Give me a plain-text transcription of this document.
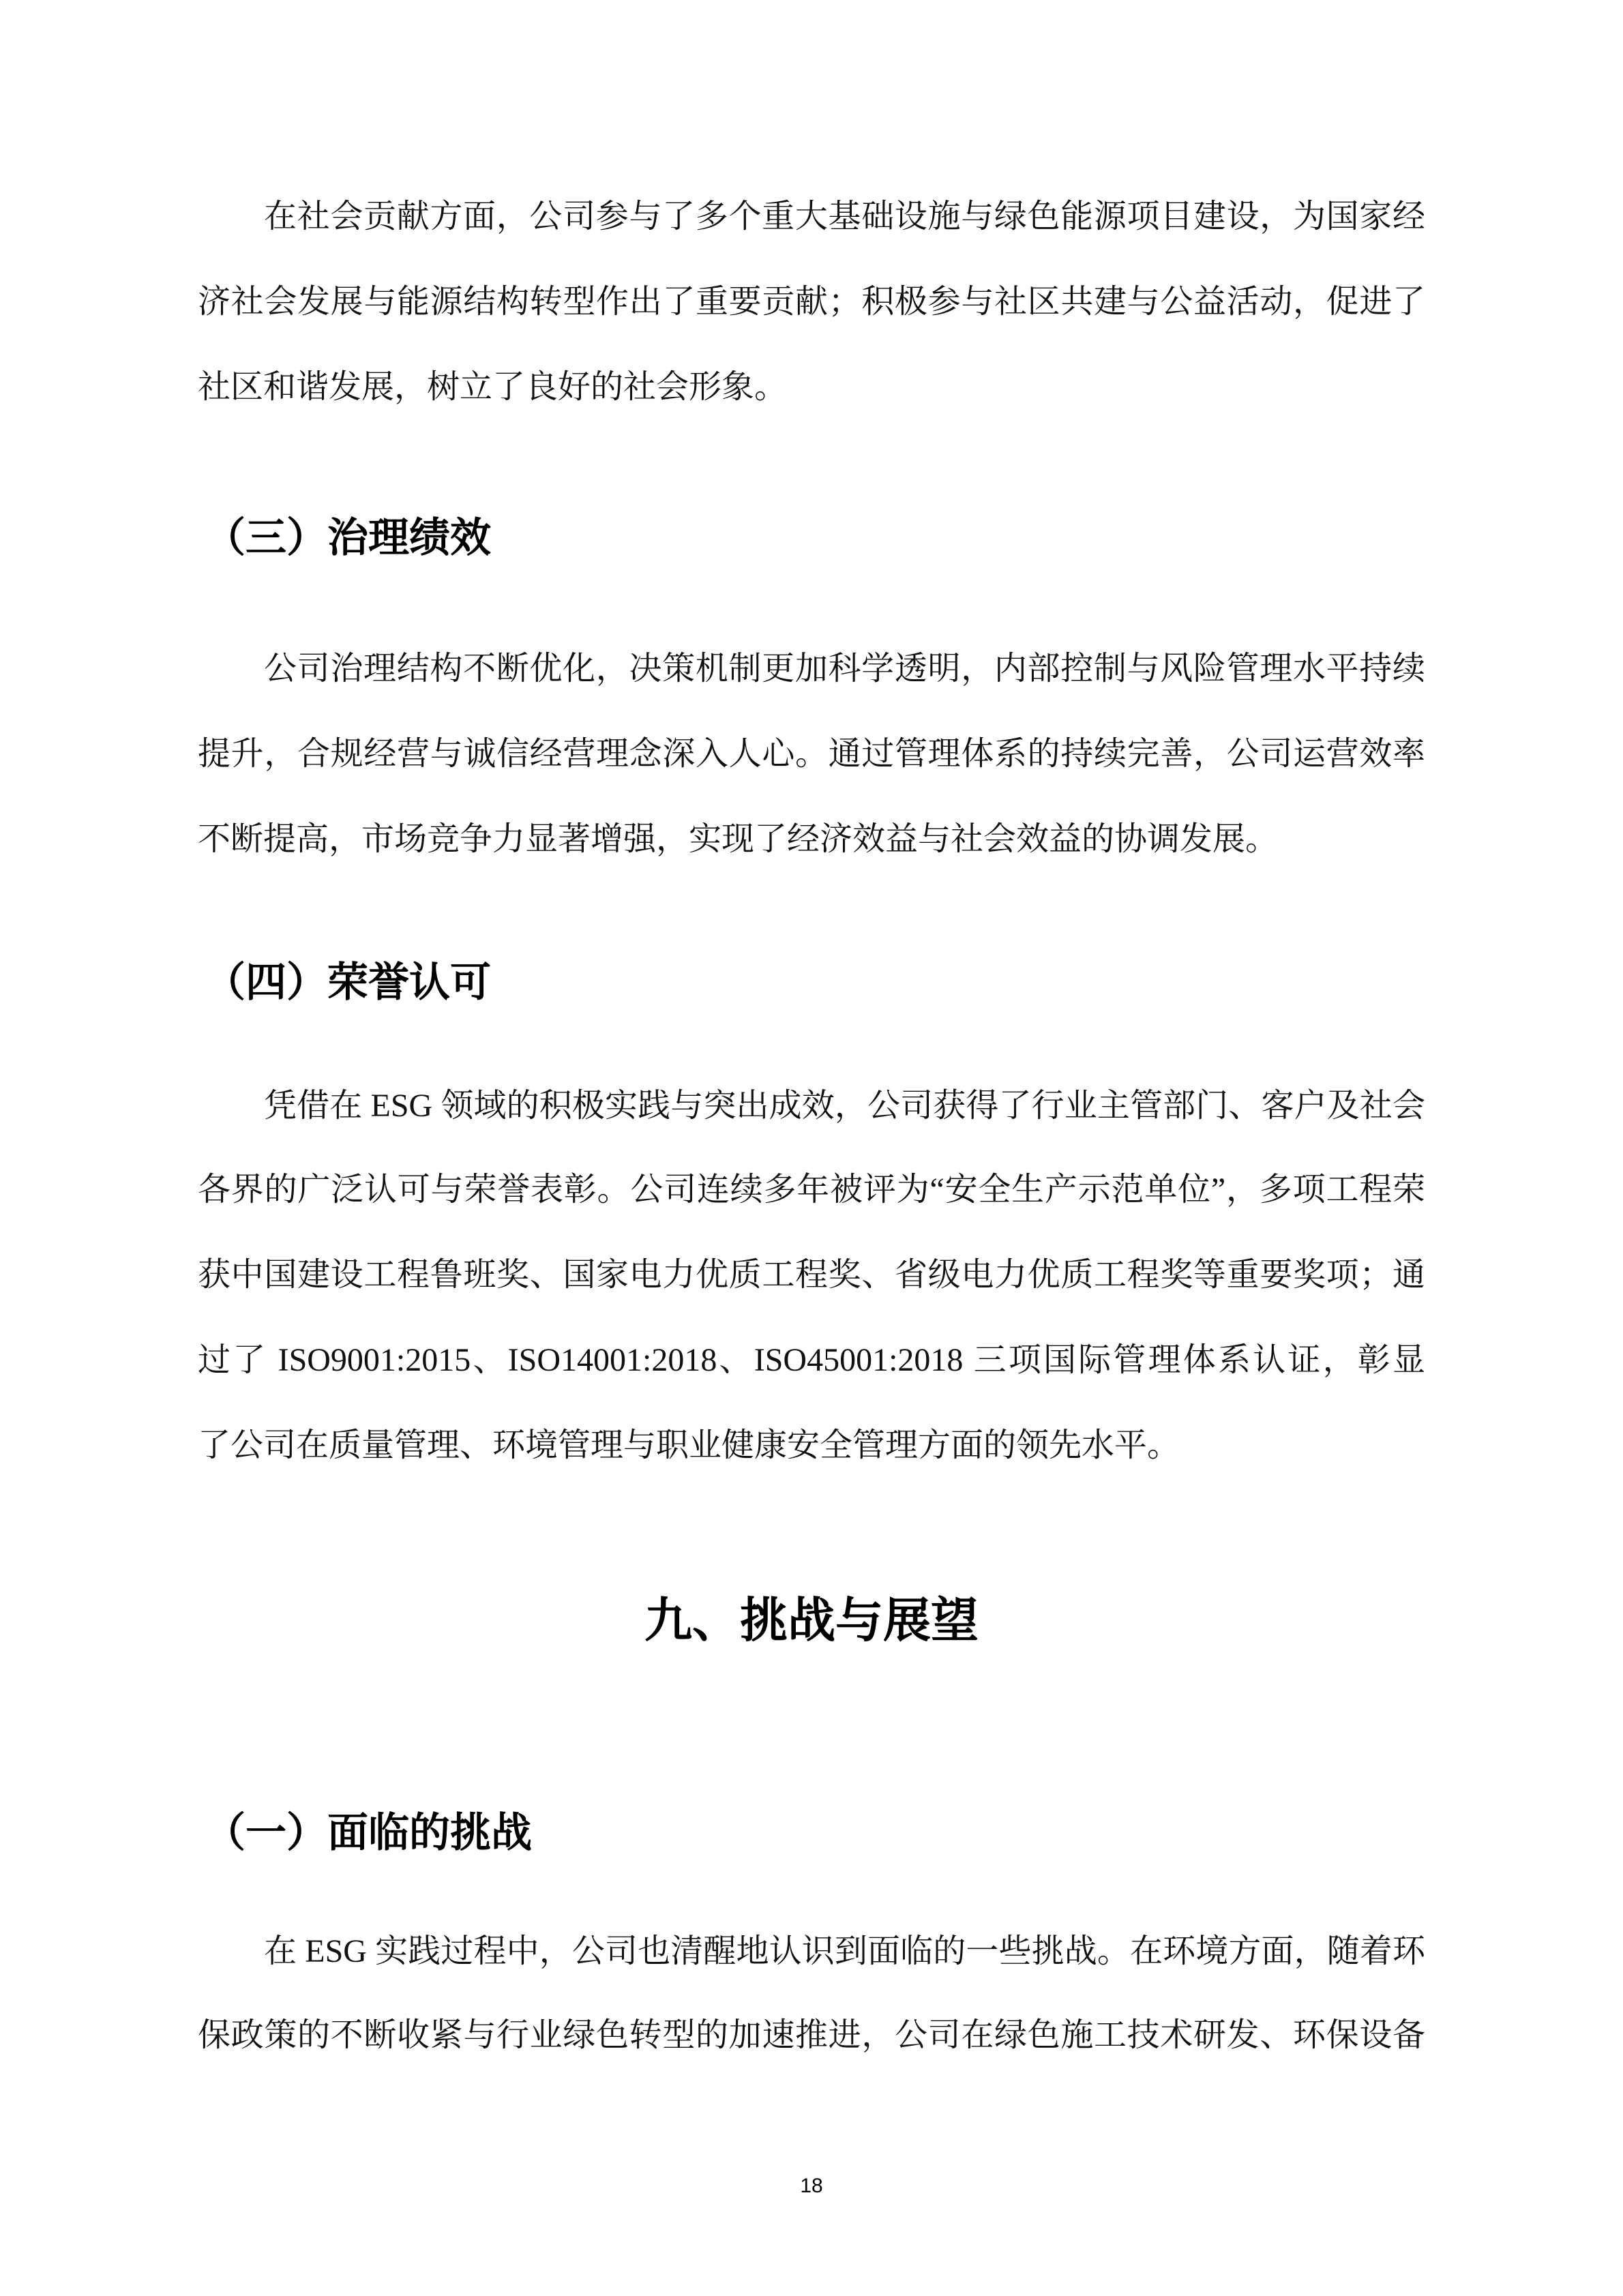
在社会贡献方面，公司参与了多个重大基础设施与绿色能源项目建设，为国家经
济社会发展与能源结构转型作出了重要贡献；积极参与社区共建与公益活动，促进了
社区和谐发展，树立了良好的社会形象。
（三）治理绩效
公司治理结构不断优化，决策机制更加科学透明，内部控制与风险管理水平持续
提升，合规经营与诚信经营理念深入人心。通过管理体系的持续完善，公司运营效率
不断提高，市场竞争力显著增强，实现了经济效益与社会效益的协调发展。
（四）荣誉认可
凭借在 ESG 领域的积极实践与突出成效，公司获得了行业主管部门、客户及社会
各界的广泛认可与荣誉表彰。公司连续多年被评为“安全生产示范单位”，多项工程荣
获中国建设工程鲁班奖、国家电力优质工程奖、省级电力优质工程奖等重要奖项；通
过了 ISO9001:2015、ISO14001:2018、ISO45001:2018 三项国际管理体系认证，彰显
了公司在质量管理、环境管理与职业健康安全管理方面的领先水平。
九、挑战与展望
（一）面临的挑战
在 ESG 实践过程中，公司也清醒地认识到面临的一些挑战。在环境方面，随着环
保政策的不断收紧与行业绿色转型的加速推进，公司在绿色施工技术研发、环保设备
18
